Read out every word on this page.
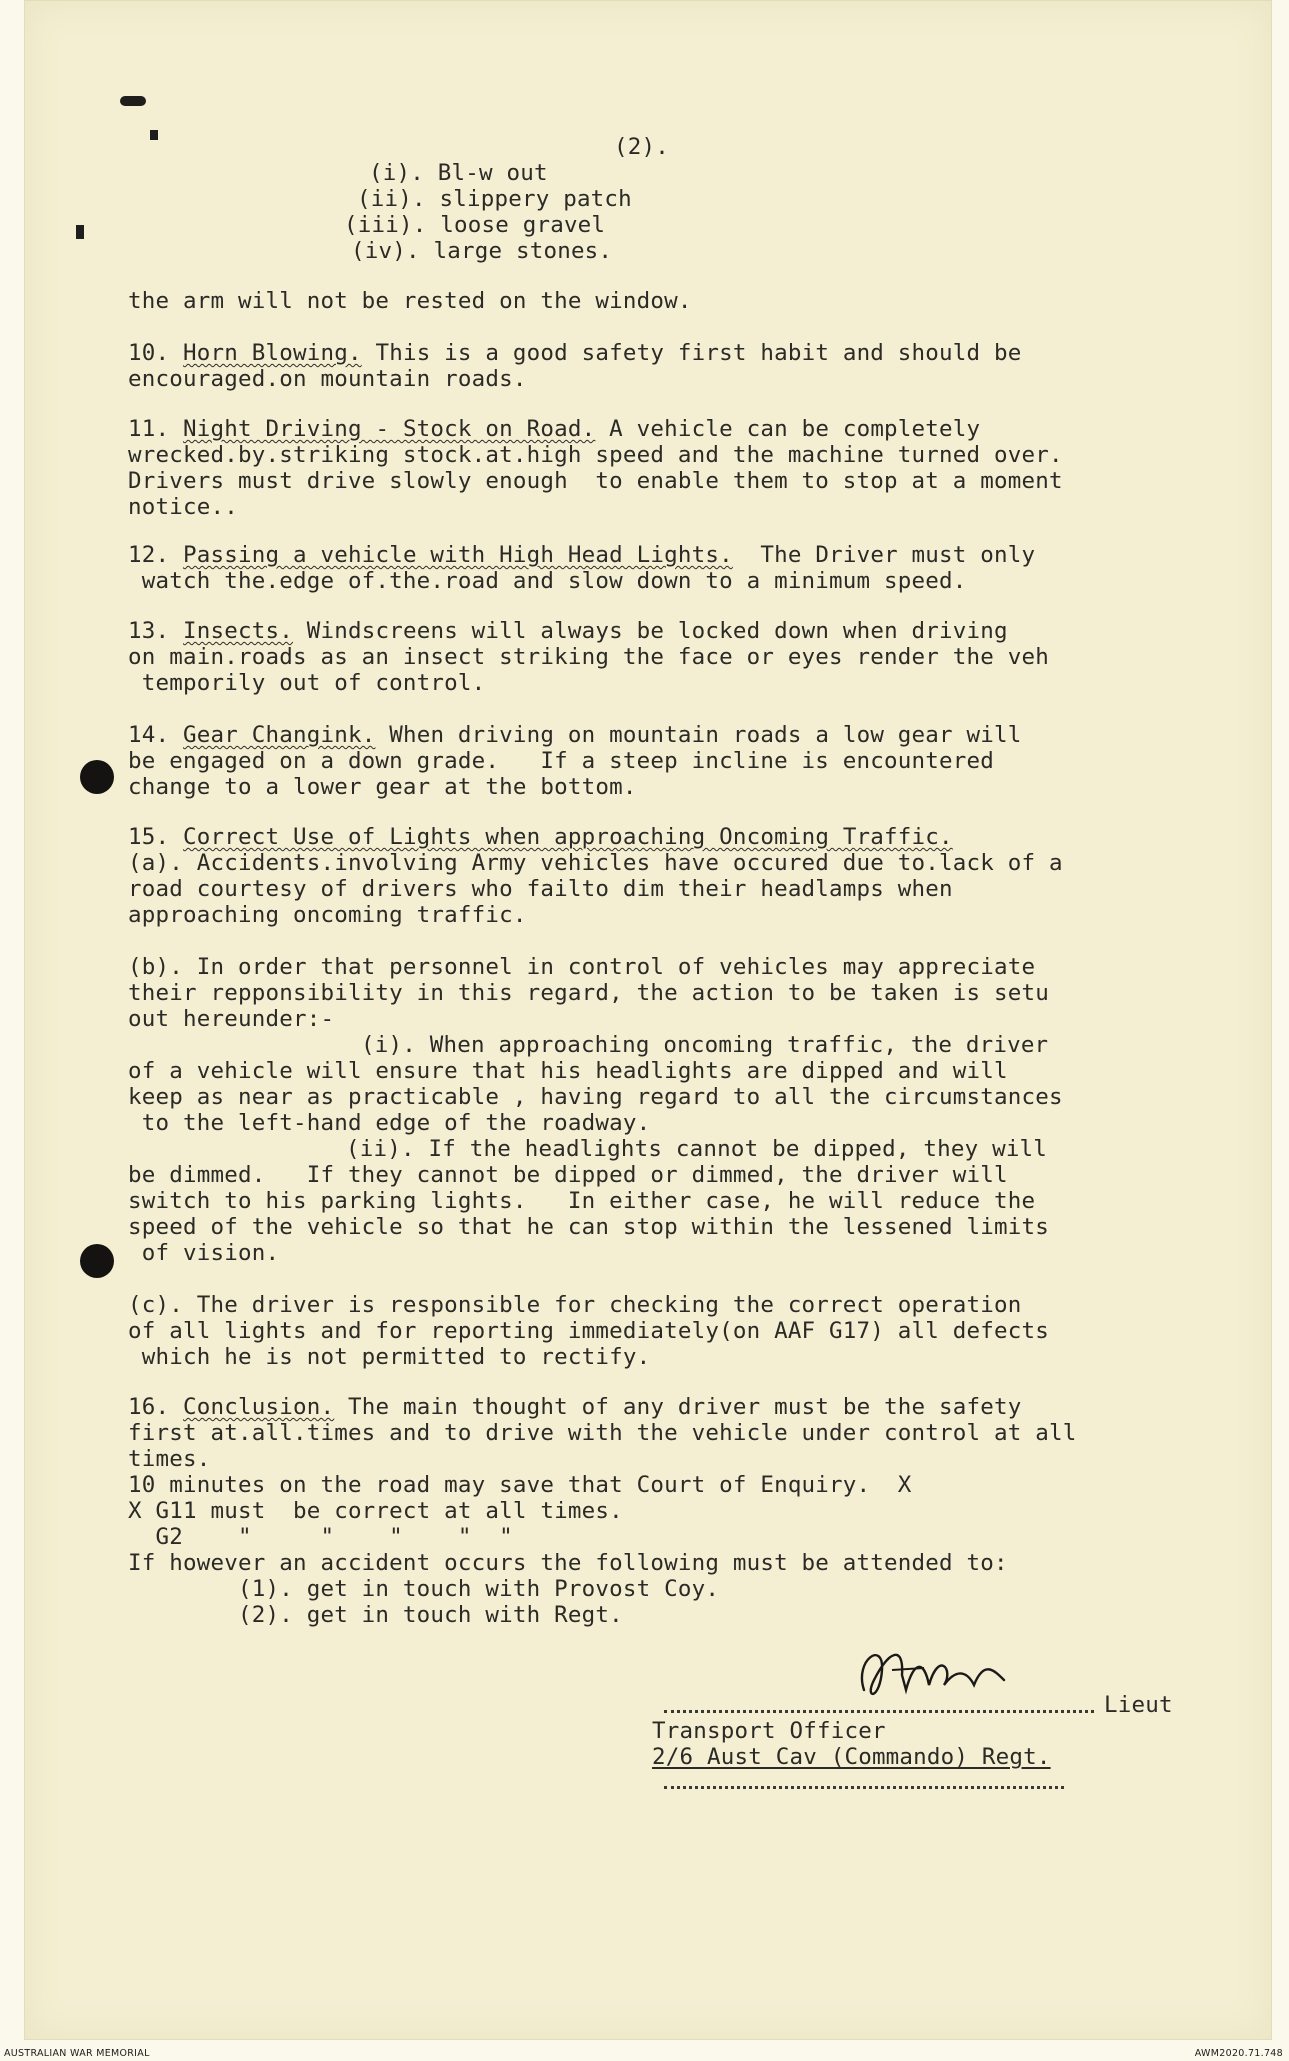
(2).
(i). Bl-w out
(ii). slippery patch
(iii). loose gravel
(iv). large stones.
the arm will not be rested on the window.
10. Horn Blowing. This is a good safety first habit and should be
encouraged.on mountain roads.
11. Night Driving - Stock on Road. A vehicle can be completely
wrecked.by.striking stock.at.high speed and the machine turned over.
Drivers must drive slowly enough  to enable them to stop at a moment
notice..
12. Passing a vehicle with High Head Lights.  The Driver must only
watch the.edge of.the.road and slow down to a minimum speed.
13. Insects. Windscreens will always be locked down when driving
on main.roads as an insect striking the face or eyes render the veh
temporily out of control.
14. Gear Changink. When driving on mountain roads a low gear will
be engaged on a down grade.   If a steep incline is encountered
change to a lower gear at the bottom.
15. Correct Use of Lights when approaching Oncoming Traffic.
(a). Accidents.involving Army vehicles have occured due to.lack of a
road courtesy of drivers who failto dim their headlamps when
approaching oncoming traffic.
(b). In order that personnel in control of vehicles may appreciate
their repponsibility in this regard, the action to be taken is setu
out hereunder:-
(i). When approaching oncoming traffic, the driver
of a vehicle will ensure that his headlights are dipped and will
keep as near as practicable , having regard to all the circumstances
to the left-hand edge of the roadway.
(ii). If the headlights cannot be dipped, they will
be dimmed.   If they cannot be dipped or dimmed, the driver will
switch to his parking lights.   In either case, he will reduce the
speed of the vehicle so that he can stop within the lessened limits
of vision.
(c). The driver is responsible for checking the correct operation
of all lights and for reporting immediately(on AAF G17) all defects
which he is not permitted to rectify.
16. Conclusion. The main thought of any driver must be the safety
first at.all.times and to drive with the vehicle under control at all
times.
10 minutes on the road may save that Court of Enquiry.  X
X G11 must  be correct at all times.
G2    "     "    "    "  "
If however an accident occurs the following must be attended to:
(1). get in touch with Provost Coy.
(2). get in touch with Regt.
Lieut
Transport Officer
2/6 Aust Cav (Commando) Regt.
AUSTRALIAN WAR MEMORIAL	AWM2020.71.748
